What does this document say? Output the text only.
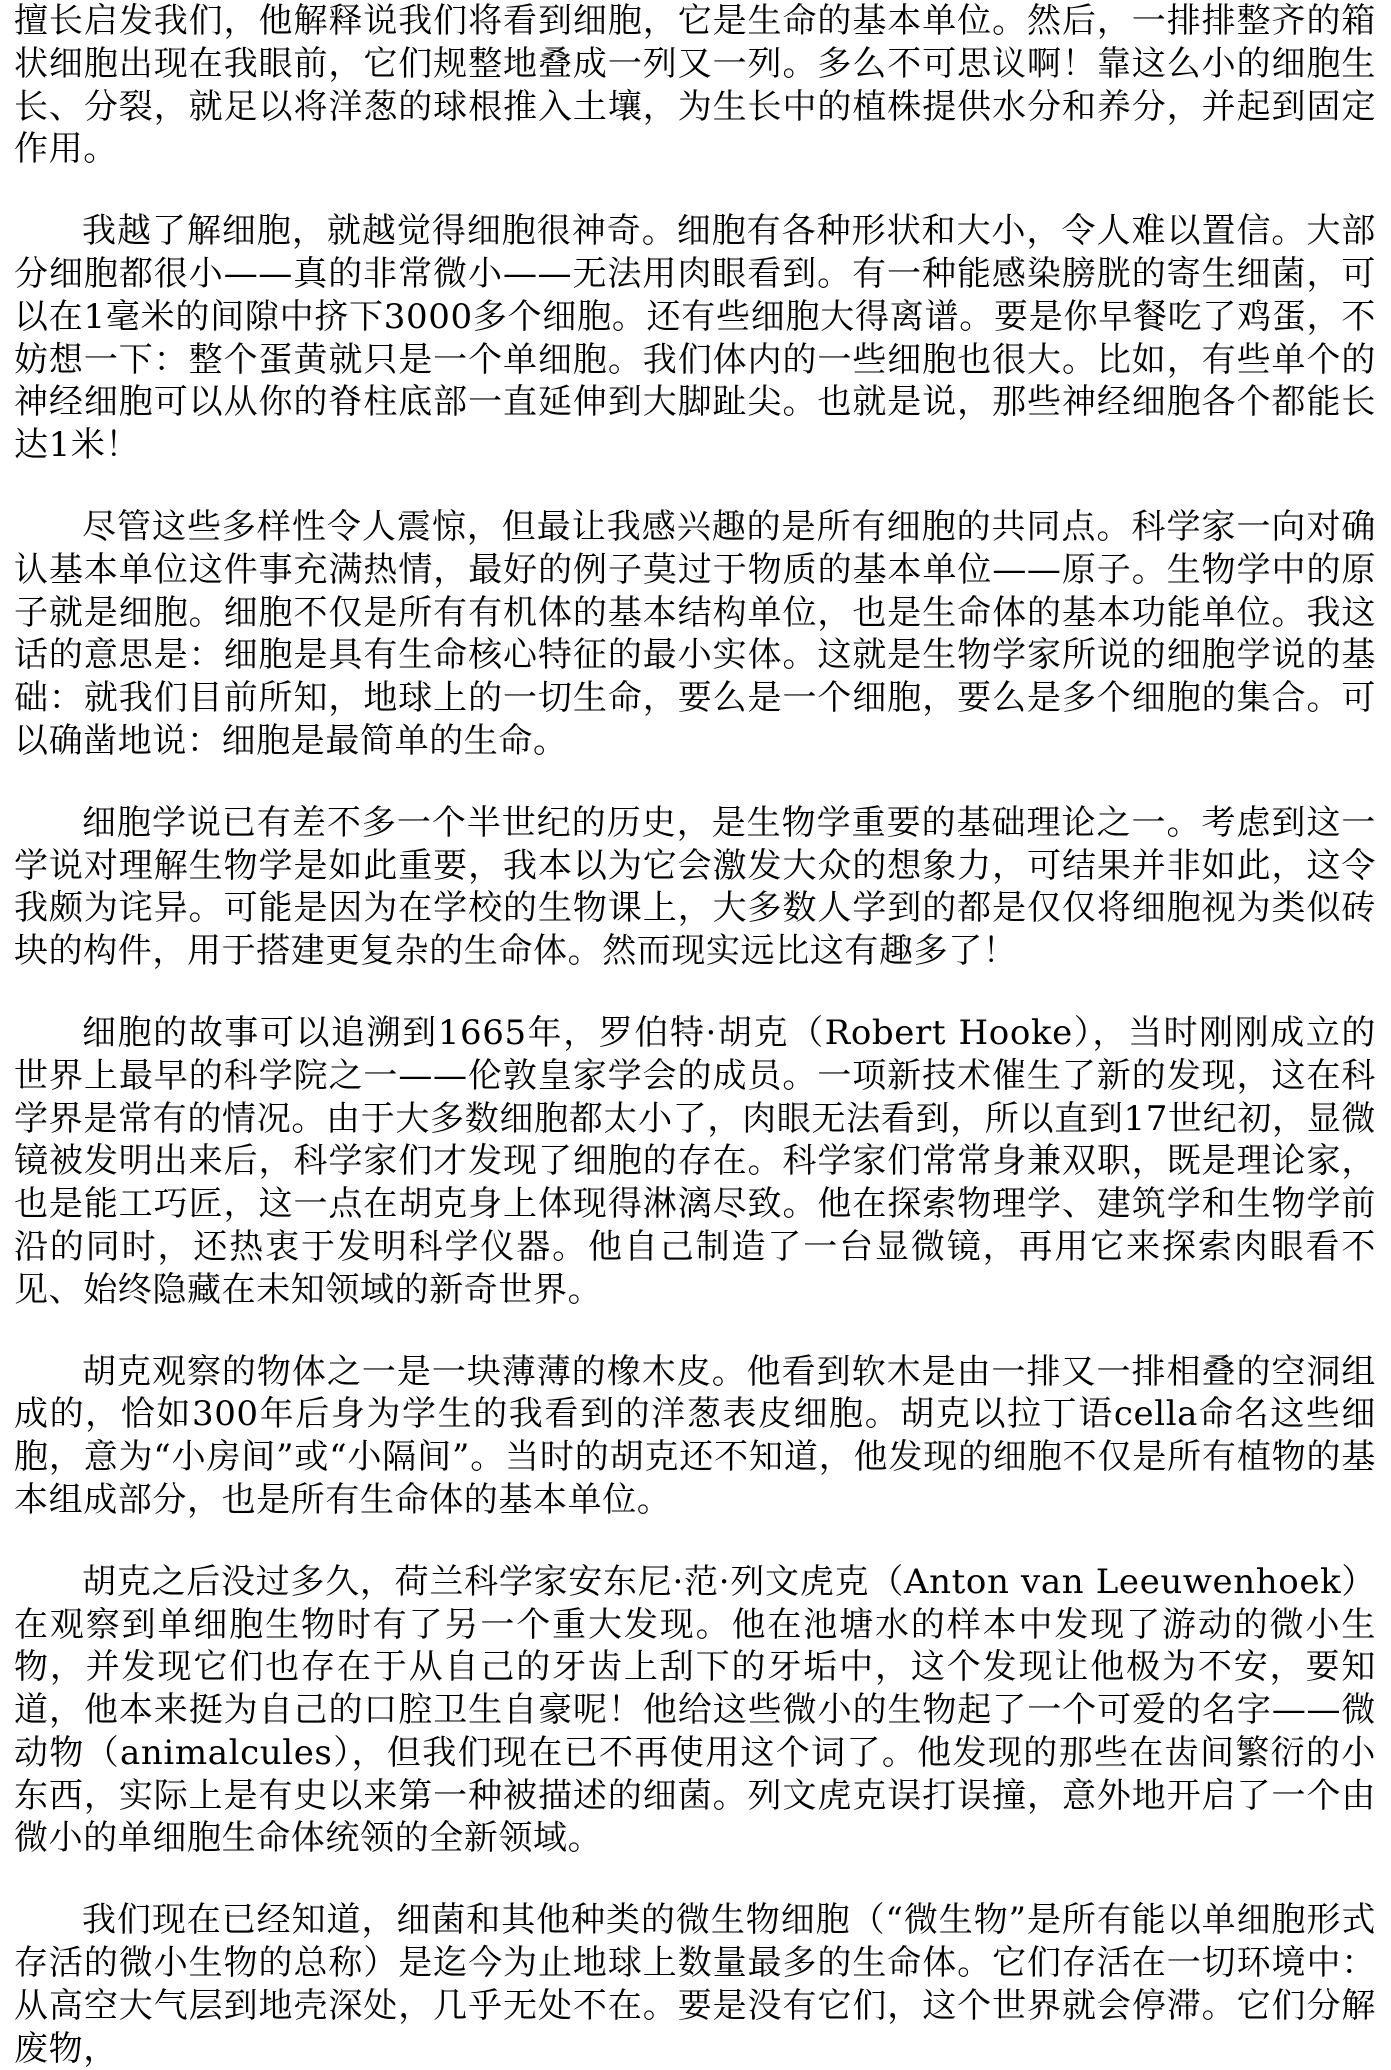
擅长启发我们，他解释说我们将看到细胞，它是生命的基本单位。然后，一排排整齐的箱状细胞出现在我眼前，它们规整地叠成一列又一列。多么不可思议啊！靠这么小的细胞生长、分裂，就足以将洋葱的球根推入土壤，为生长中的植株提供水分和养分，并起到固定作用。

我越了解细胞，就越觉得细胞很神奇。细胞有各种形状和大小，令人难以置信。大部分细胞都很小——真的非常微小——无法用肉眼看到。有一种能感染膀胱的寄生细菌，可以在1毫米的间隙中挤下3000多个细胞。还有些细胞大得离谱。要是你早餐吃了鸡蛋，不妨想一下：整个蛋黄就只是一个单细胞。我们体内的一些细胞也很大。比如，有些单个的神经细胞可以从你的脊柱底部一直延伸到大脚趾尖。也就是说，那些神经细胞各个都能长达1米！

尽管这些多样性令人震惊，但最让我感兴趣的是所有细胞的共同点。科学家一向对确认基本单位这件事充满热情，最好的例子莫过于物质的基本单位——原子。生物学中的原子就是细胞。细胞不仅是所有有机体的基本结构单位，也是生命体的基本功能单位。我这话的意思是：细胞是具有生命核心特征的最小实体。这就是生物学家所说的细胞学说的基础：就我们目前所知，地球上的一切生命，要么是一个细胞，要么是多个细胞的集合。可以确凿地说：细胞是最简单的生命。

细胞学说已有差不多一个半世纪的历史，是生物学重要的基础理论之一。考虑到这一学说对理解生物学是如此重要，我本以为它会激发大众的想象力，可结果并非如此，这令我颇为诧异。可能是因为在学校的生物课上，大多数人学到的都是仅仅将细胞视为类似砖块的构件，用于搭建更复杂的生命体。然而现实远比这有趣多了！

细胞的故事可以追溯到1665年，罗伯特·胡克（Robert Hooke），当时刚刚成立的世界上最早的科学院之一——伦敦皇家学会的成员。一项新技术催生了新的发现，这在科学界是常有的情况。由于大多数细胞都太小了，肉眼无法看到，所以直到17世纪初，显微镜被发明出来后，科学家们才发现了细胞的存在。科学家们常常身兼双职，既是理论家，也是能工巧匠，这一点在胡克身上体现得淋漓尽致。他在探索物理学、建筑学和生物学前沿的同时，还热衷于发明科学仪器。他自己制造了一台显微镜，再用它来探索肉眼看不见、始终隐藏在未知领域的新奇世界。

胡克观察的物体之一是一块薄薄的橡木皮。他看到软木是由一排又一排相叠的空洞组成的，恰如300年后身为学生的我看到的洋葱表皮细胞。胡克以拉丁语cella命名这些细胞，意为“小房间”或“小隔间”。当时的胡克还不知道，他发现的细胞不仅是所有植物的基本组成部分，也是所有生命体的基本单位。

胡克之后没过多久，荷兰科学家安东尼·范·列文虎克（Anton van Leeuwenhoek）在观察到单细胞生物时有了另一个重大发现。他在池塘水的样本中发现了游动的微小生物，并发现它们也存在于从自己的牙齿上刮下的牙垢中，这个发现让他极为不安，要知道，他本来挺为自己的口腔卫生自豪呢！他给这些微小的生物起了一个可爱的名字——微动物（animalcules），但我们现在已不再使用这个词了。他发现的那些在齿间繁衍的小东西，实际上是有史以来第一种被描述的细菌。列文虎克误打误撞，意外地开启了一个由微小的单细胞生命体统领的全新领域。

我们现在已经知道，细菌和其他种类的微生物细胞（“微生物”是所有能以单细胞形式存活的微小生物的总称）是迄今为止地球上数量最多的生命体。它们存活在一切环境中：从高空大气层到地壳深处，几乎无处不在。要是没有它们，这个世界就会停滞。它们分解废物，
